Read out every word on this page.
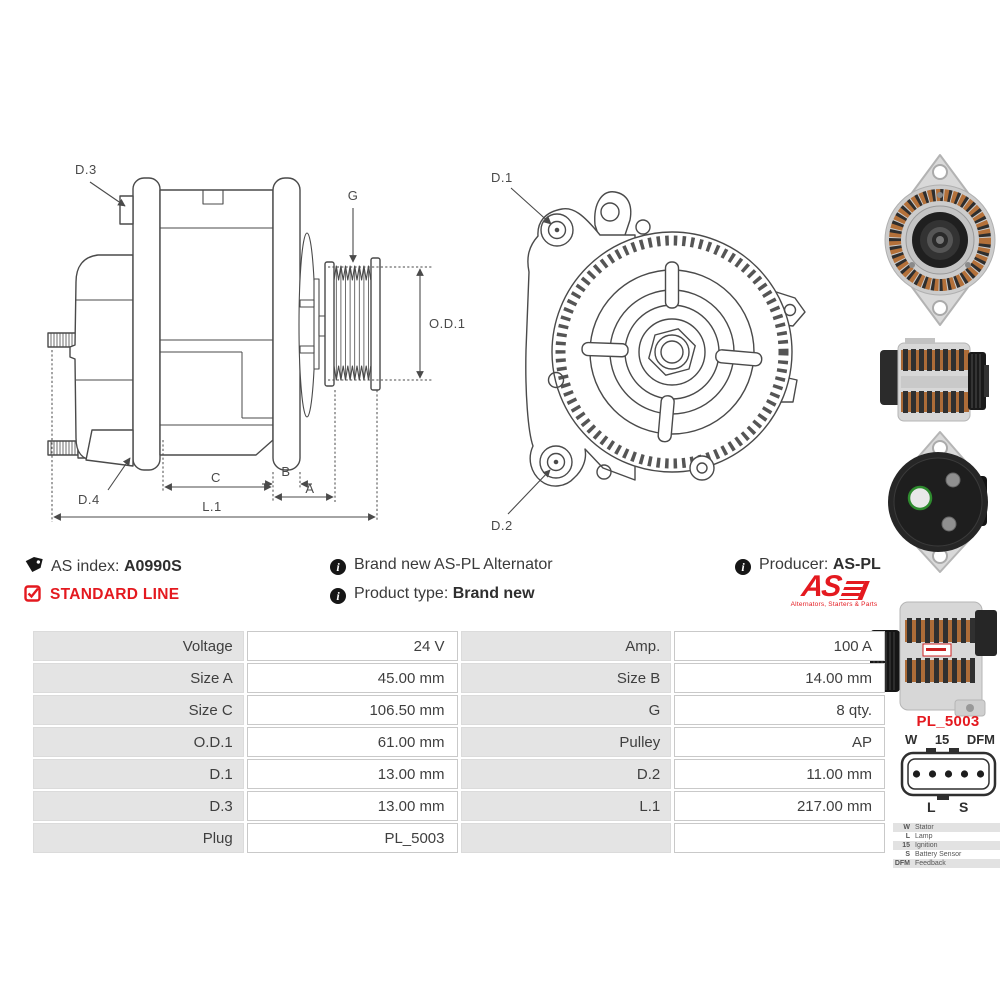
D.3
D.4
G
O.D.1
C	B
A
L.1
D.1
D.2
AS index: A0990S	i Brand new AS-PL Alternator	i Producer: AS-PL
STANDARD LINE	i Product type: Brand new	AS
Alternators, Starters & Parts
Voltage	24 V	Amp.	100 A
Size A	45.00 mm	Size B	14.00 mm
Size C	106.50 mm	G	8 qty.
O.D.1	61.00 mm	Pulley	AP
D.1	13.00 mm	D.2	11.00 mm
D.3	13.00 mm	L.1	217.00 mm
Plug	PL_5003		
PL_5003
W 15 DFM
L S
W Stator
L Lamp
15 Ignition
S Battery Sensor
DFM Feedback
